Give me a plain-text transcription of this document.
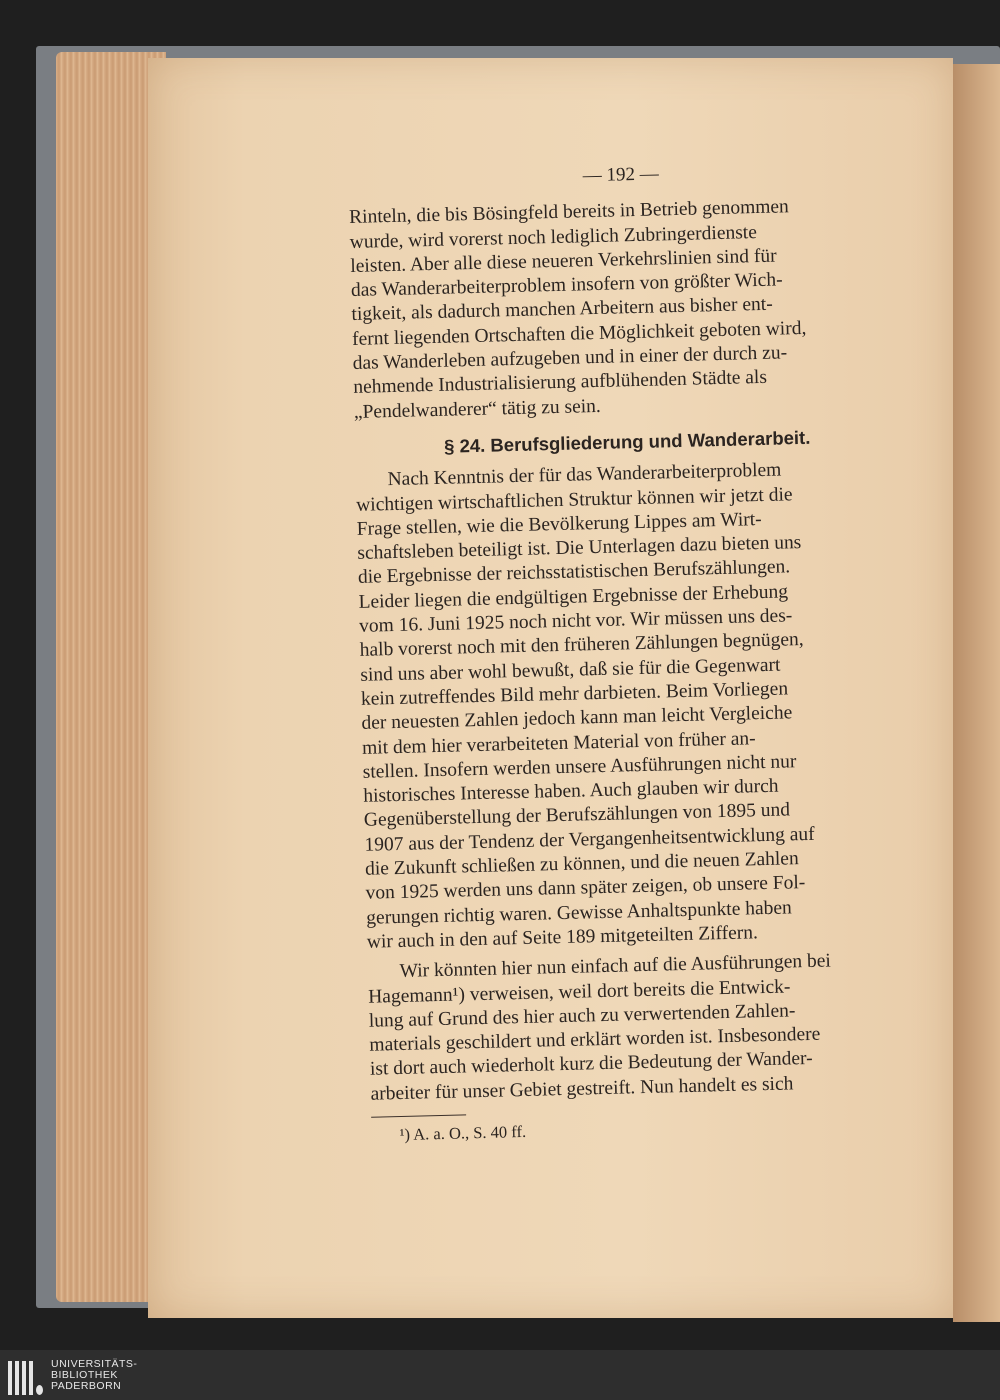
— 192 —

Rinteln, die bis Bösingfeld bereits in Betrieb genommen
wurde, wird vorerst noch lediglich Zubringerdienste
leisten. Aber alle diese neueren Verkehrslinien sind für
das Wanderarbeiterproblem insofern von größter Wich-
tigkeit, als dadurch manchen Arbeitern aus bisher ent-
fernt liegenden Ortschaften die Möglichkeit geboten wird,
das Wanderleben aufzugeben und in einer der durch zu-
nehmende Industrialisierung aufblühenden Städte als
„Pendelwanderer“ tätig zu sein.

§ 24. Berufsgliederung und Wanderarbeit.

Nach Kenntnis der für das Wanderarbeiterproblem
wichtigen wirtschaftlichen Struktur können wir jetzt die
Frage stellen, wie die Bevölkerung Lippes am Wirt-
schaftsleben beteiligt ist. Die Unterlagen dazu bieten uns
die Ergebnisse der reichsstatistischen Berufszählungen.
Leider liegen die endgültigen Ergebnisse der Erhebung
vom 16. Juni 1925 noch nicht vor. Wir müssen uns des-
halb vorerst noch mit den früheren Zählungen begnügen,
sind uns aber wohl bewußt, daß sie für die Gegenwart
kein zutreffendes Bild mehr darbieten. Beim Vorliegen
der neuesten Zahlen jedoch kann man leicht Vergleiche
mit dem hier verarbeiteten Material von früher an-
stellen. Insofern werden unsere Ausführungen nicht nur
historisches Interesse haben. Auch glauben wir durch
Gegenüberstellung der Berufszählungen von 1895 und
1907 aus der Tendenz der Vergangenheitsentwicklung auf
die Zukunft schließen zu können, und die neuen Zahlen
von 1925 werden uns dann später zeigen, ob unsere Fol-
gerungen richtig waren. Gewisse Anhaltspunkte haben
wir auch in den auf Seite 189 mitgeteilten Ziffern.

Wir könnten hier nun einfach auf die Ausführungen bei
Hagemann¹) verweisen, weil dort bereits die Entwick-
lung auf Grund des hier auch zu verwertenden Zahlen-
materials geschildert und erklärt worden ist. Insbesondere
ist dort auch wiederholt kurz die Bedeutung der Wander-
arbeiter für unser Gebiet gestreift. Nun handelt es sich

¹) A. a. O., S. 40 ff.
UNIVERSITÄTS-
BIBLIOTHEK
PADERBORN
